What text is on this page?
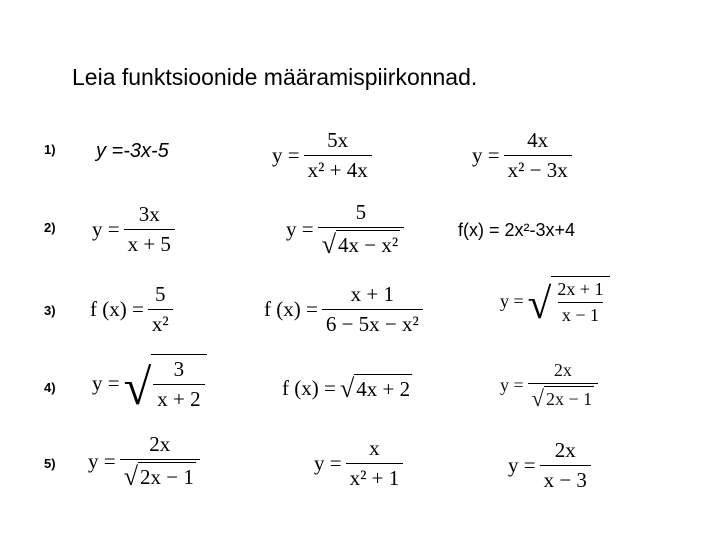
Leia funktsioonide määramispiirkonnad.
1)
2)
3)
4)
5)
y =-3x-5	$y = \frac{5x}{\text{x² + 4x}}$	$y = \frac{4x}{\text{x² − 3x}}$
$y = \frac{3x}{x + 5}$	$y = \frac{5}{\text{√ 4x − x²}}$	f(x) = 2x²-3x+4
f $(x) = \frac{5}{\text{x²}}$	f $(x) = \frac{x + 1}{\text{6 − 5x − x²}}$	y = √ $\frac{2x + 1}{x - 1}$
y = √ $\frac{3}{x + 2}$	f (x) = √ 4x + 2	$y = \frac{2x}{√ 2x - 1}$
$y = \frac{2x}{√ 2x - 1}$	$y = \frac{x}{\text{x² + 1}}$	$y = \frac{2x}{x - 3}$
